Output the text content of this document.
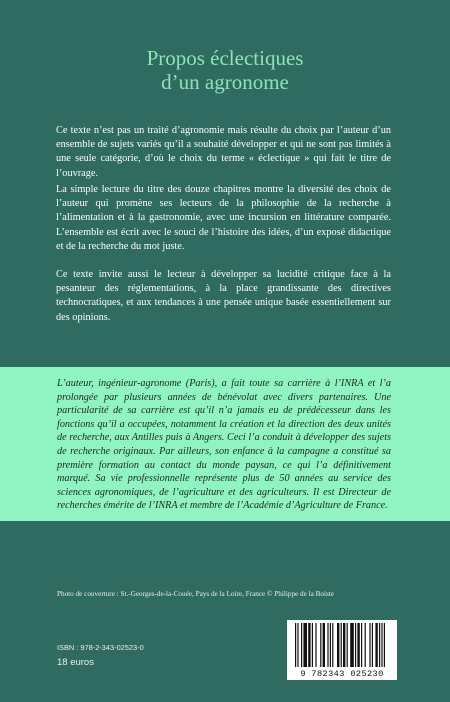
Propos éclectiques
d’un agronome
Ce texte n’est pas un traité d’agronomie mais résulte du choix par l’auteur d’un ensemble de sujets variés qu’il a souhaité développer et qui ne sont pas limités à une seule catégorie, d’où le choix du terme « éclectique » qui fait le titre de l’ouvrage.
La simple lecture du titre des douze chapitres montre la diversité des choix de l’auteur qui promène ses lecteurs de la philosophie de la recherche à l’alimentation et à la gastronomie, avec une incursion en littérature comparée. L’ensemble est écrit avec le souci de l’histoire des idées, d’un exposé didactique et de la recherche du mot juste.
Ce texte invite aussi le lecteur à développer sa lucidité critique face à la pesanteur des réglementations, à la place grandissante des directives technocratiques, et aux tendances à une pensée unique basée essentiellement sur des opinions.
L’auteur, ingénieur-agronome (Paris), a fait toute sa carrière à l’INRA et l’a prolongée par plusieurs années de bénévolat avec divers partenaires. Une particularité de sa carrière est qu’il n’a jamais eu de prédécesseur dans les fonctions qu’il a occupées, notamment la création et la direction des deux unités de recherche, aux Antilles puis à Angers. Ceci l’a conduit à développer des sujets de recherche originaux. Par ailleurs, son enfance à la campagne a constitué sa première formation au contact du monde paysan, ce qui l’a définitivement marqué. Sa vie professionnelle représente plus de 50 années au service des sciences agronomiques, de l’agriculture et des agriculteurs. Il est Directeur de recherches émérite de l’INRA et membre de l’Académie d’Agriculture de France.
Photo de couverture : St.-Georges-de-la-Couée, Pays de la Loire, France © Philippe de la Boiste
ISBN : 978-2-343-02523-0
18 euros
9 782343 025230
